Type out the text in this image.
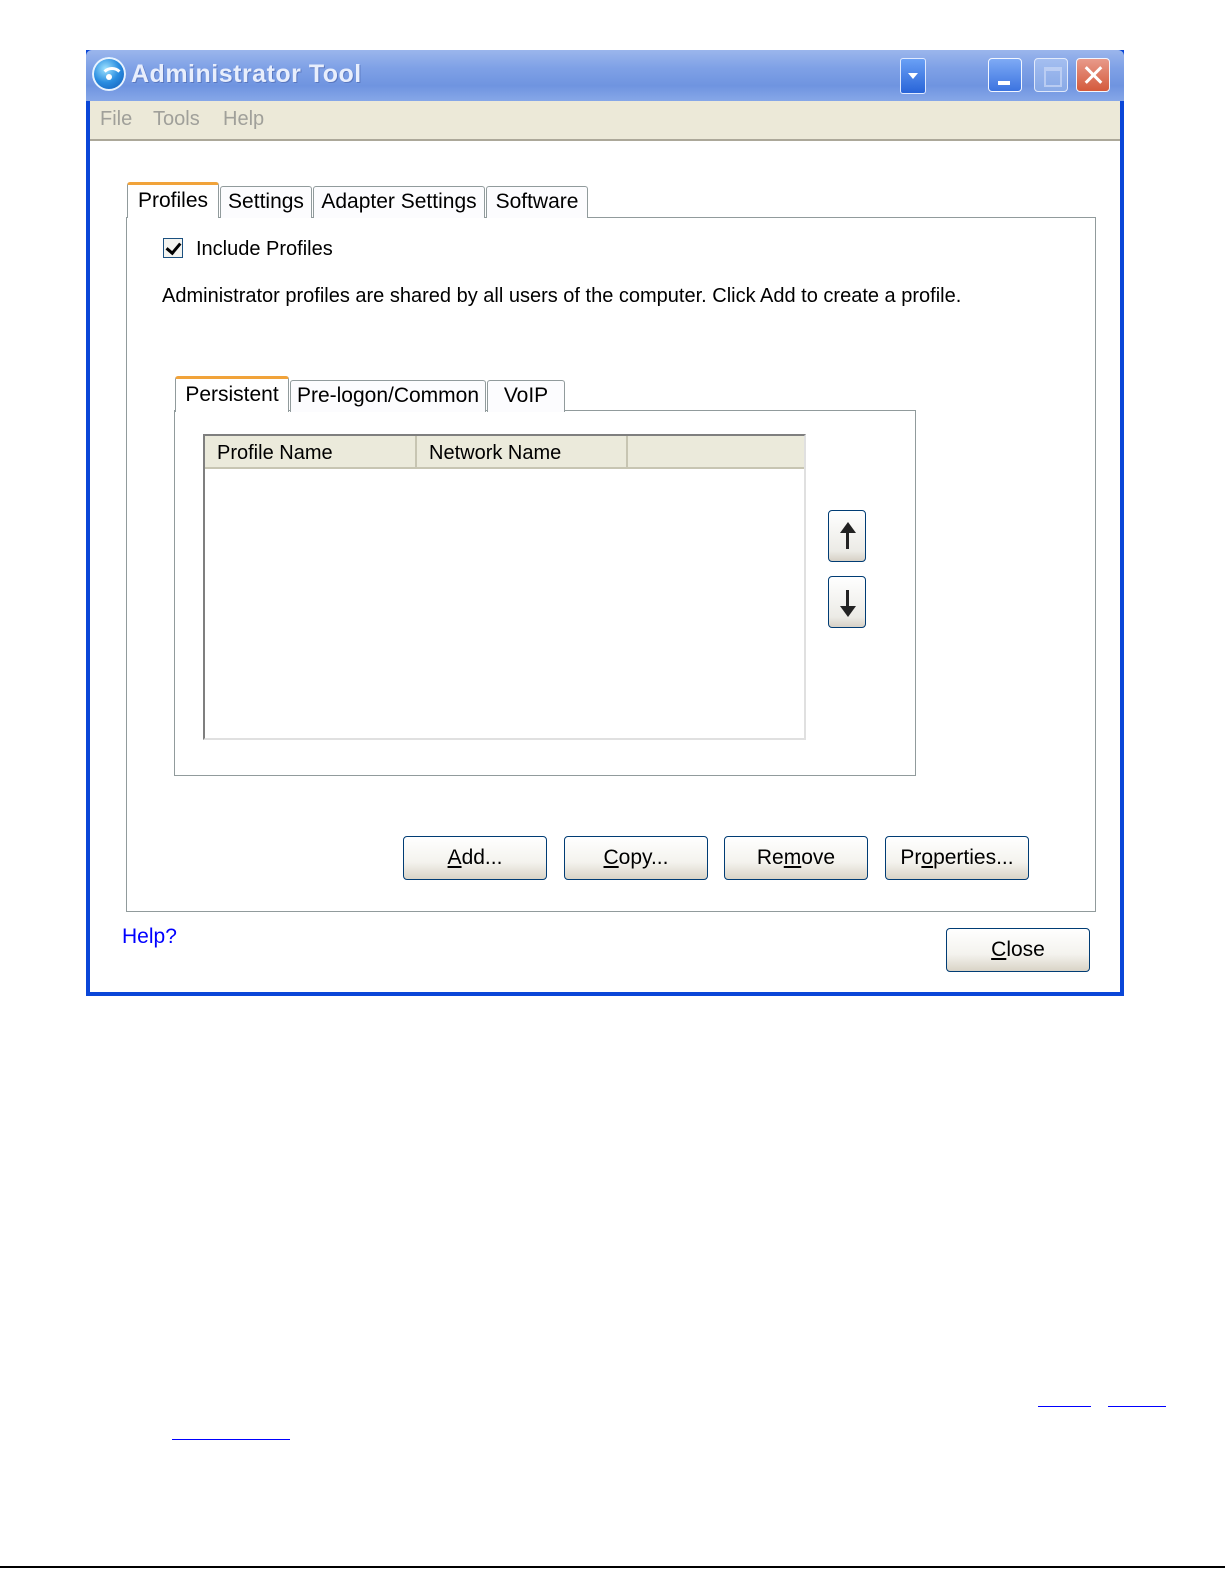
Administrator Tool
File Tools Help
Profiles Settings Adapter Settings Software
Include Profiles
Administrator profiles are shared by all users of the computer. Click Add to create a profile.
Persistent Pre-logon/Common	VoIP
Profile Name	Network Name
Add...	Copy...	Remove	Properties...
Help?
Close
